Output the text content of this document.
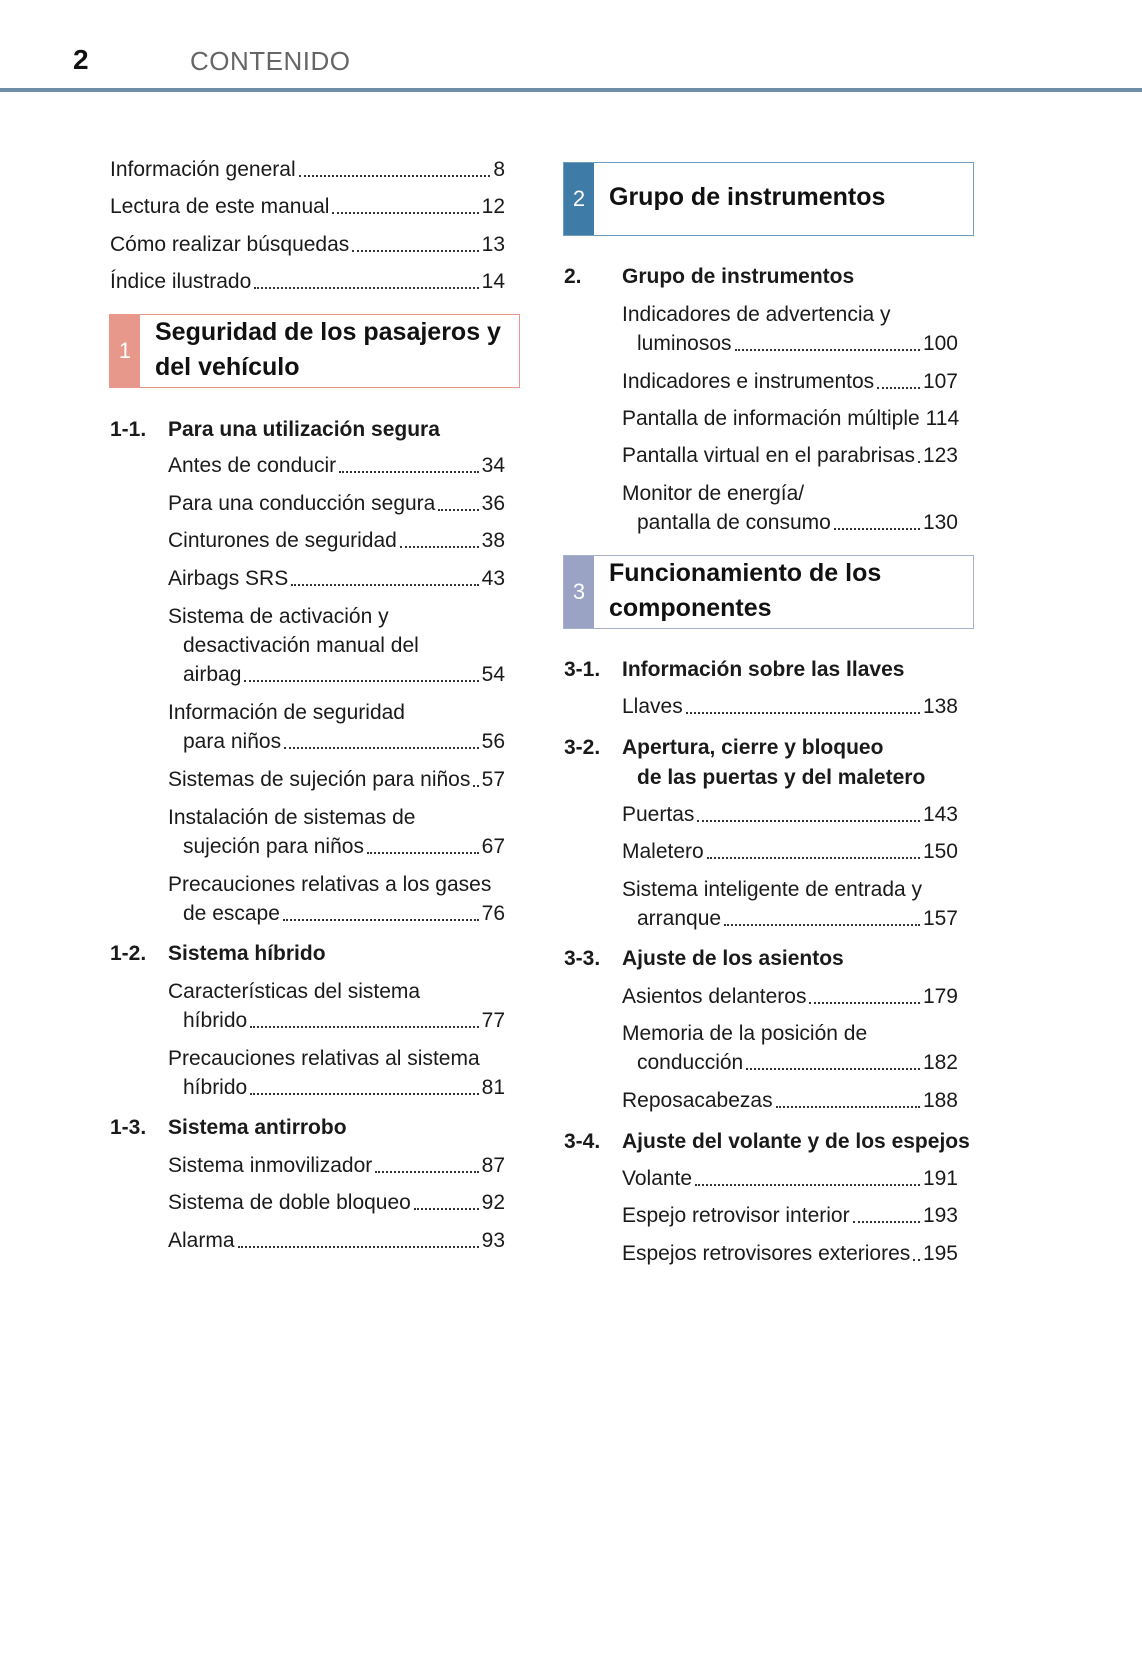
2	CONTENIDO
Información general	8
Lectura de este manual	12
Cómo realizar búsquedas	13
Índice ilustrado	14
1
Seguridad de los pasajeros y
del vehículo
1-1. Para una utilización segura
Antes de conducir	34
Para una conducción segura 36
Cinturones de seguridad	38
Airbags SRS	43
Sistema de activación y
desactivación manual del
airbag	54
Información de seguridad
para niños	56
Sistemas de sujeción para niños 57
Instalación de sistemas de
sujeción para niños	67
Precauciones relativas a los gases
de escape	76
1-2. Sistema híbrido
Características del sistema
híbrido	77
Precauciones relativas al sistema
híbrido	81
1-3. Sistema antirrobo
Sistema inmovilizador	87
Sistema de doble bloqueo	92
Alarma	93
2 Grupo de instrumentos
2. Grupo de instrumentos
Indicadores de advertencia y
luminosos	100
Indicadores e instrumentos 107
Pantalla de información múltiple 114
Pantalla virtual en el parabrisas 123
Monitor de energía/
pantalla de consumo	130
3
Funcionamiento de los
componentes
3-1. Información sobre las llaves
Llaves	138
3-2. Apertura, cierre y bloqueo
de las puertas y del maletero
Puertas	143
Maletero	150
Sistema inteligente de entrada y
arranque	157
3-3. Ajuste de los asientos
Asientos delanteros	179
Memoria de la posición de
conducción	182
Reposacabezas	188
3-4. Ajuste del volante y de los espejos
Volante	191
Espejo retrovisor interior	193
Espejos retrovisores exteriores 195
